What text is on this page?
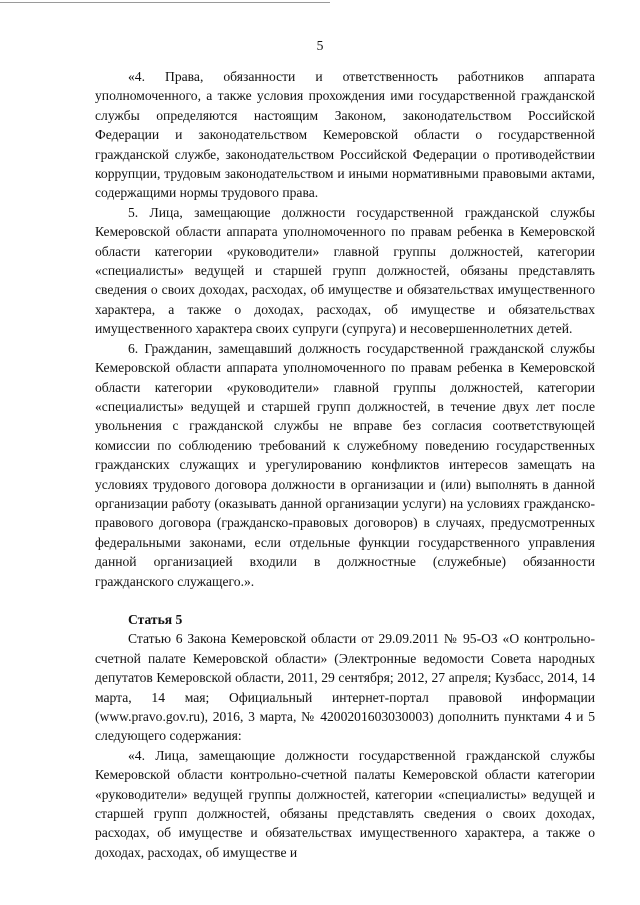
5

«4. Права, обязанности и ответственность работников аппарата уполномоченного, а также условия прохождения ими государственной гражданской службы определяются настоящим Законом, законодательством Российской Федерации и законодательством Кемеровской области о государственной гражданской службе, законодательством Российской Федерации о противодействии коррупции, трудовым законодательством и иными нормативными правовыми актами, содержащими нормы трудового права.

5. Лица, замещающие должности государственной гражданской службы Кемеровской области аппарата уполномоченного по правам ребенка в Кемеровской области категории «руководители» главной группы должностей, категории «специалисты» ведущей и старшей групп должностей, обязаны представлять сведения о своих доходах, расходах, об имуществе и обязательствах имущественного характера, а также о доходах, расходах, об имуществе и обязательствах имущественного характера своих супруги (супруга) и несовершеннолетних детей.

6. Гражданин, замещавший должность государственной гражданской службы Кемеровской области аппарата уполномоченного по правам ребенка в Кемеровской области категории «руководители» главной группы должностей, категории «специалисты» ведущей и старшей групп должностей, в течение двух лет после увольнения с гражданской службы не вправе без согласия соответствующей комиссии по соблюдению требований к служебному поведению государственных гражданских служащих и урегулированию конфликтов интересов замещать на условиях трудового договора должности в организации и (или) выполнять в данной организации работу (оказывать данной организации услуги) на условиях гражданско-правового договора (гражданско-правовых договоров) в случаях, предусмотренных федеральными законами, если отдельные функции государственного управления данной организацией входили в должностные (служебные) обязанности гражданского служащего.».

Статья 5

Статью 6 Закона Кемеровской области от 29.09.2011 № 95-ОЗ «О контрольно-счетной палате Кемеровской области» (Электронные ведомости Совета народных депутатов Кемеровской области, 2011, 29 сентября; 2012, 27 апреля; Кузбасс, 2014, 14 марта, 14 мая; Официальный интернет-портал правовой информации (www.pravo.gov.ru), 2016, 3 марта, № 4200201603030003) дополнить пунктами 4 и 5 следующего содержания:

«4. Лица, замещающие должности государственной гражданской службы Кемеровской области контрольно-счетной палаты Кемеровской области категории «руководители» ведущей группы должностей, категории «специалисты» ведущей и старшей групп должностей, обязаны представлять сведения о своих доходах, расходах, об имуществе и обязательствах имущественного характера, а также о доходах, расходах, об имуществе и
